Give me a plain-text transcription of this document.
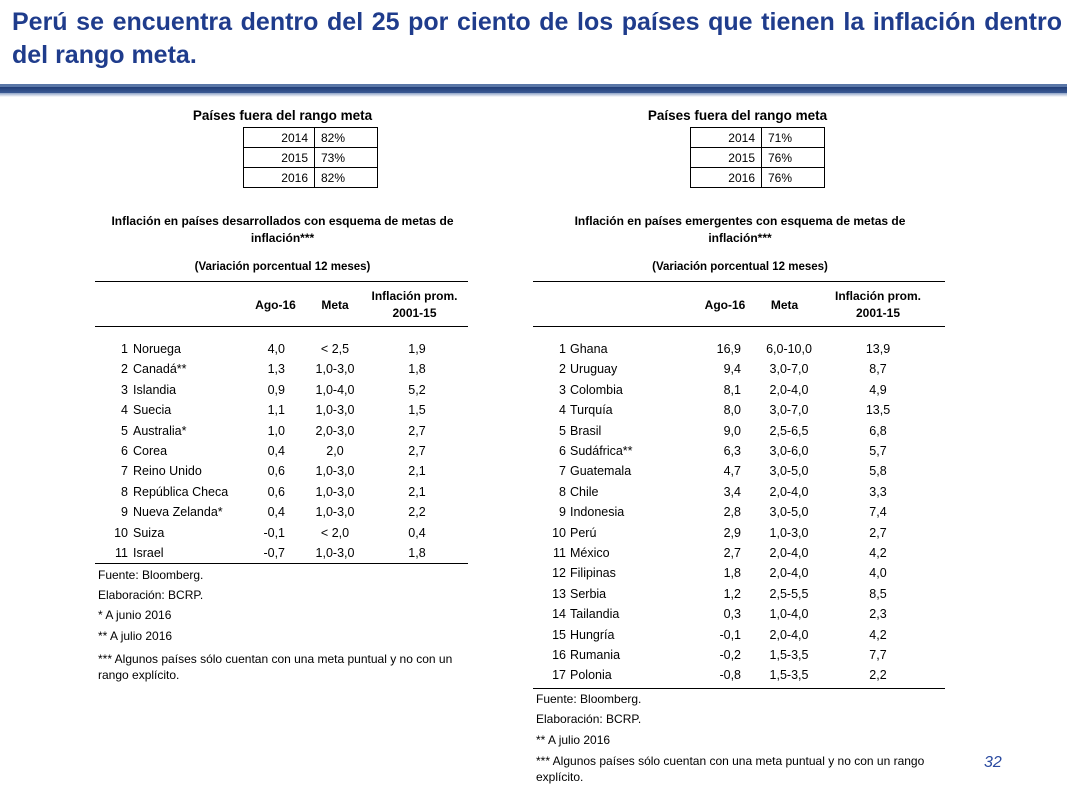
Perú se encuentra dentro del 25 por ciento de los países que tienen la inflación dentro del rango meta.
Países fuera del rango meta
2014	82%
2015	73%
2016	82%
Inflación en países desarrollados con esquema de metas de inflación***
(Variación porcentual 12 meses)
Ago-16	Meta
Inflación prom. 2001-15
1 Noruega	4,0	< 2,5	1,9
2 Canadá**	1,3	1,0-3,0	1,8
3 Islandia	0,9	1,0-4,0	5,2
4 Suecia	1,1	1,0-3,0	1,5
5 Australia*	1,0	2,0-3,0	2,7
6 Corea	0,4	2,0	2,7
7 Reino Unido	0,6	1,0-3,0	2,1
8 República Checa	0,6	1,0-3,0	2,1
9 Nueva Zelanda*	0,4	1,0-3,0	2,2
10 Suiza	-0,1	< 2,0	0,4
11 Israel	-0,7	1,0-3,0	1,8
Fuente: Bloomberg.
Elaboración: BCRP.
* A junio 2016
** A julio 2016
*** Algunos países sólo cuentan con una meta puntual y no con un rango explícito.
Países fuera del rango meta
2014	71%
2015	76%
2016	76%
Inflación en países emergentes con esquema de metas de inflación***
(Variación porcentual 12 meses)
Ago-16	Meta
Inflación prom. 2001-15
1 Ghana	16,9	6,0-10,0	13,9
2 Uruguay	9,4	3,0-7,0	8,7
3 Colombia	8,1	2,0-4,0	4,9
4 Turquía	8,0	3,0-7,0	13,5
5 Brasil	9,0	2,5-6,5	6,8
6 Sudáfrica**	6,3	3,0-6,0	5,7
7 Guatemala	4,7	3,0-5,0	5,8
8 Chile	3,4	2,0-4,0	3,3
9 Indonesia	2,8	3,0-5,0	7,4
10 Perú	2,9	1,0-3,0	2,7
11 México	2,7	2,0-4,0	4,2
12 Filipinas	1,8	2,0-4,0	4,0
13 Serbia	1,2	2,5-5,5	8,5
14 Tailandia	0,3	1,0-4,0	2,3
15 Hungría	-0,1	2,0-4,0	4,2
16 Rumania	-0,2	1,5-3,5	7,7
17 Polonia	-0,8	1,5-3,5	2,2
Fuente: Bloomberg.
Elaboración: BCRP.
** A julio 2016
*** Algunos países sólo cuentan con una meta puntual y no con un rango explícito.
32
